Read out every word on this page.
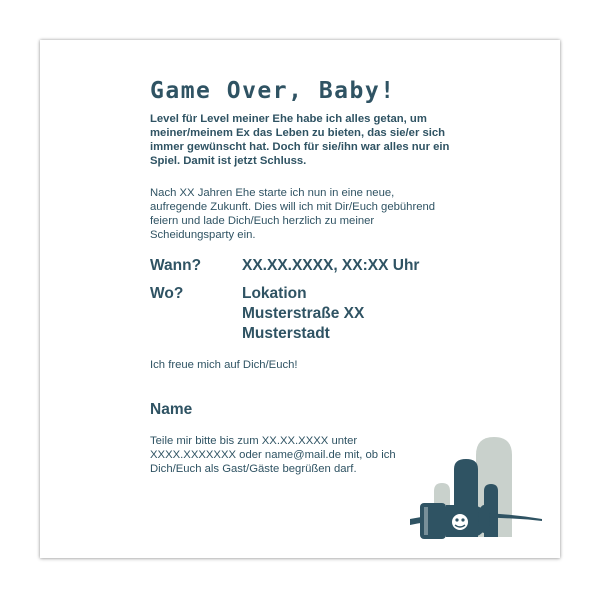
Game Over, Baby!

Level für Level meiner Ehe habe ich alles getan, um meiner/meinem Ex das Leben zu bieten, das sie/er sich immer gewünscht hat. Doch für sie/ihn war alles nur ein Spiel. Damit ist jetzt Schluss.

Nach XX Jahren Ehe starte ich nun in eine neue, aufregende Zukunft. Dies will ich mit Dir/Euch gebührend feiern und lade Dich/Euch herzlich zu meiner Scheidungsparty ein.

Wann?	XX.XX.XXXX, XX:XX Uhr
Wo?	Lokation
Musterstraße XX
Musterstadt

Ich freue mich auf Dich/Euch!

Name

Teile mir bitte bis zum XX.XX.XXXX unter XXXX.XXXXXXX oder name@mail.de mit, ob ich Dich/Euch als Gast/Gäste begrüßen darf.
